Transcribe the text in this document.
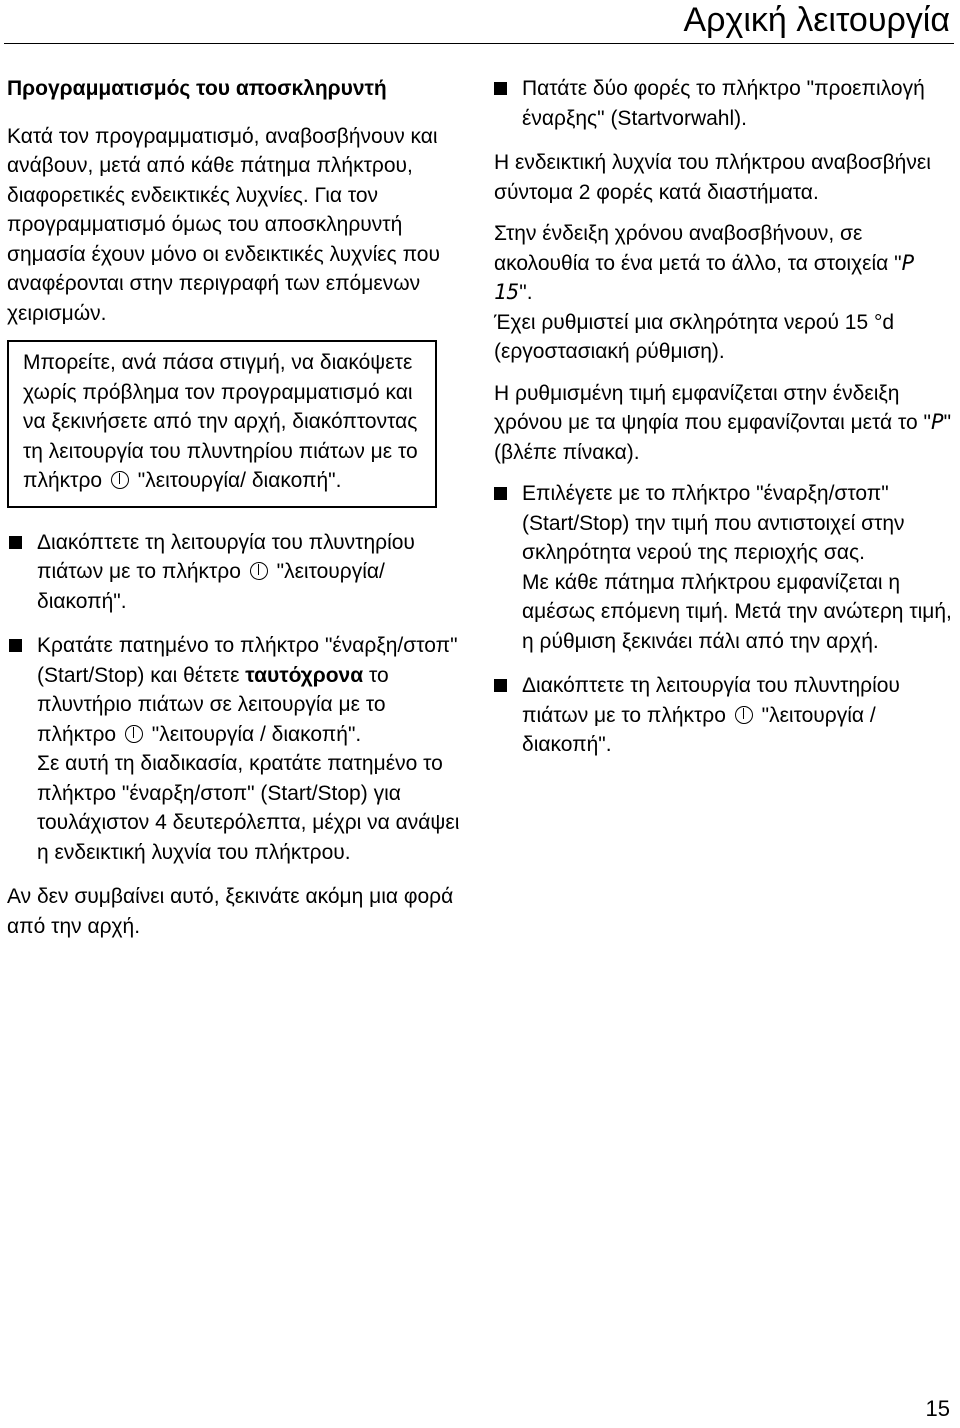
Αρχική λειτουργία
Προγραμματισμός του αποσκληρυντή

Κατά τον προγραμματισμό, αναβοσβήνουν και ανάβουν, μετά από κάθε πάτημα πλήκτρου, διαφορετικές ενδεικτικές λυχνίες. Για τον προγραμματισμό όμως του αποσκληρυντή σημασία έχουν μόνο οι ενδεικτικές λυχνίες που αναφέρονται στην περιγραφή των επόμενων χειρισμών.

Μπορείτε, ανά πάσα στιγμή, να διακόψετε χωρίς πρόβλημα τον προγραμματισμό και να ξεκινήσετε από την αρχή, διακόπτοντας τη λειτουργία του πλυντηρίου πιάτων με το πλήκτρο "λειτουργία/ διακοπή".
Διακόπτετε τη λειτουργία του πλυντηρίου πιάτων με το πλήκτρο "λειτουργία/ διακοπή".
Κρατάτε πατημένο το πλήκτρο "έναρξη/στοπ" (Start/Stop) και θέτετε ταυτόχρονα το πλυντήριο πιάτων σε λειτουργία με το πλήκτρο "λειτουργία / διακοπή".

Σε αυτή τη διαδικασία, κρατάτε πατημένο το πλήκτρο "έναρξη/στοπ" (Start/Stop) για τουλάχιστον 4 δευτερόλεπτα, μέχρι να ανάψει η ενδεικτική λυχνία του πλήκτρου.

Αν δεν συμβαίνει αυτό, ξεκινάτε ακόμη μια φορά από την αρχή.

Πατάτε δύο φορές το πλήκτρο "προεπιλογή έναρξης" (Startvorwahl).

Η ενδεικτική λυχνία του πλήκτρου αναβοσβήνει σύντομα 2 φορές κατά διαστήματα.

Στην ένδειξη χρόνου αναβοσβήνουν, σε ακολουθία το ένα μετά το άλλο, τα στοιχεία "P 15".
Έχει ρυθμιστεί μια σκληρότητα νερού 15 °d (εργοστασιακή ρύθμιση).

Η ρυθμισμένη τιμή εμφανίζεται στην ένδειξη χρόνου με τα ψηφία που εμφανίζονται μετά το "P" (βλέπε πίνακα).

Επιλέγετε με το πλήκτρο "έναρξη/στοπ" (Start/Stop) την τιμή που αντιστοιχεί στην σκληρότητα νερού της περιοχής σας.

Με κάθε πάτημα πλήκτρου εμφανίζεται η αμέσως επόμενη τιμή. Μετά την ανώτερη τιμή, η ρύθμιση ξεκινάει πάλι από την αρχή.

Διακόπτετε τη λειτουργία του πλυντηρίου πιάτων με το πλήκτρο "λειτουργία / διακοπή".
15
